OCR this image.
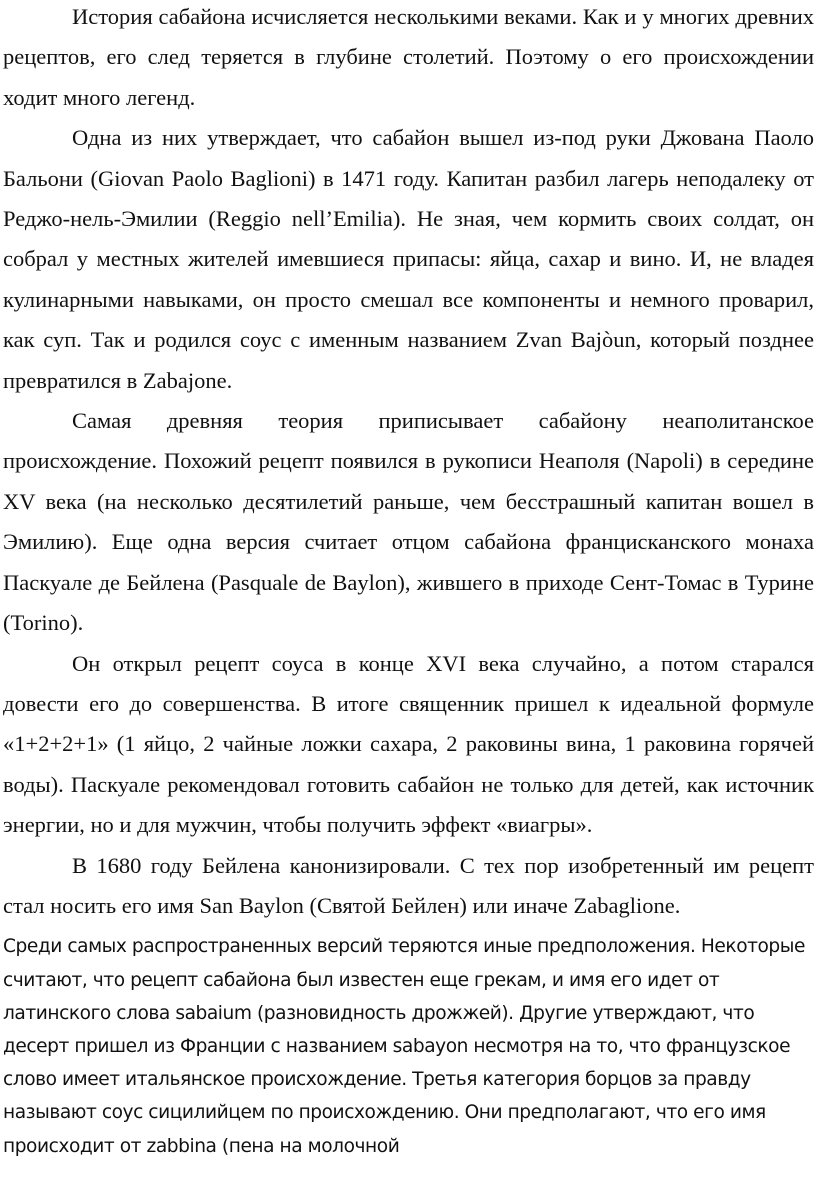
История сабайона исчисляется несколькими веками. Как и у многих древних рецептов, его след теряется в глубине столетий. Поэтому о его происхождении ходит много легенд.

Одна из них утверждает, что сабайон вышел из-под руки Джована Паоло Бальони (Giovan Paolo Baglioni) в 1471 году. Капитан разбил лагерь неподалеку от Реджо-нель-Эмилии (Reggio nell’Emilia). Не зная, чем кормить своих солдат, он собрал у местных жителей имевшиеся припасы: яйца, сахар и вино. И, не владея кулинарными навыками, он просто смешал все компоненты и немного проварил, как суп. Так и родился соус с именным названием Zvan Bajòun, который позднее превратился в Zabajone.

Самая древняя теория приписывает сабайону неаполитанское происхождение. Похожий рецепт появился в рукописи Неаполя (Napoli) в середине XV века (на несколько десятилетий раньше, чем бесстрашный капитан вошел в Эмилию). Еще одна версия считает отцом сабайона францисканского монаха Паскуале де Бейлена (Pasquale de Baylon), жившего в приходе Сент-Томас в Турине (Torino).

Он открыл рецепт соуса в конце XVI века случайно, а потом старался довести его до совершенства. В итоге священник пришел к идеальной формуле «1+2+2+1» (1 яйцо, 2 чайные ложки сахара, 2 раковины вина, 1 раковина горячей воды). Паскуале рекомендовал готовить сабайон не только для детей, как источник энергии, но и для мужчин, чтобы получить эффект «виагры».

В 1680 году Бейлена канонизировали. С тех пор изобретенный им рецепт стал носить его имя San Baylon (Святой Бейлен) или иначе Zabaglione.

Среди самых распространенных версий теряются иные предположения. Некоторые считают, что рецепт сабайона был известен еще грекам, и имя его идет от латинского слова sabaium (разновидность дрожжей). Другие утверждают, что десерт пришел из Франции с названием sabayon несмотря на то, что французское слово имеет итальянское происхождение. Третья категория борцов за правду называют соус сицилийцем по происхождению. Они предполагают, что его имя происходит от zabbina (пена на молочной
